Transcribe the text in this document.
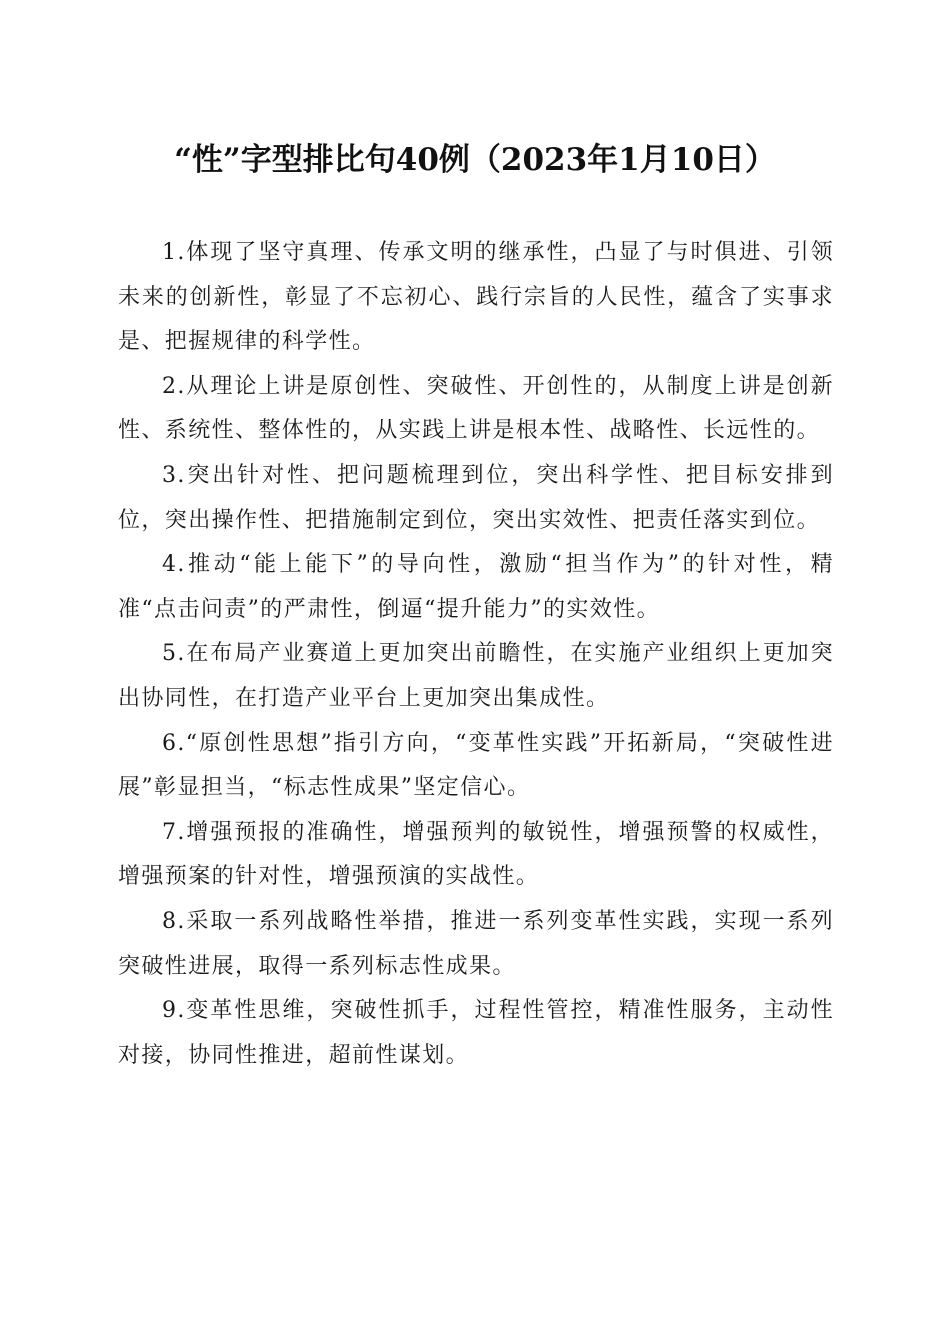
“性”字型排比句40例（2023年1月10日）

1.体现了坚守真理、传承文明的继承性，凸显了与时俱进、引领未来的创新性，彰显了不忘初心、践行宗旨的人民性，蕴含了实事求是、把握规律的科学性。

2.从理论上讲是原创性、突破性、开创性的，从制度上讲是创新性、系统性、整体性的，从实践上讲是根本性、战略性、长远性的。

3.突出针对性、把问题梳理到位，突出科学性、把目标安排到位，突出操作性、把措施制定到位，突出实效性、把责任落实到位。

4.推动“能上能下”的导向性，激励“担当作为”的针对性，精准“点击问责”的严肃性，倒逼“提升能力”的实效性。

5.在布局产业赛道上更加突出前瞻性，在实施产业组织上更加突出协同性，在打造产业平台上更加突出集成性。

6.“原创性思想”指引方向，“变革性实践”开拓新局，“突破性进展”彰显担当，“标志性成果”坚定信心。

7.增强预报的准确性，增强预判的敏锐性，增强预警的权威性，增强预案的针对性，增强预演的实战性。

8.采取一系列战略性举措，推进一系列变革性实践，实现一系列突破性进展，取得一系列标志性成果。

9.变革性思维，突破性抓手，过程性管控，精准性服务，主动性对接，协同性推进，超前性谋划。
